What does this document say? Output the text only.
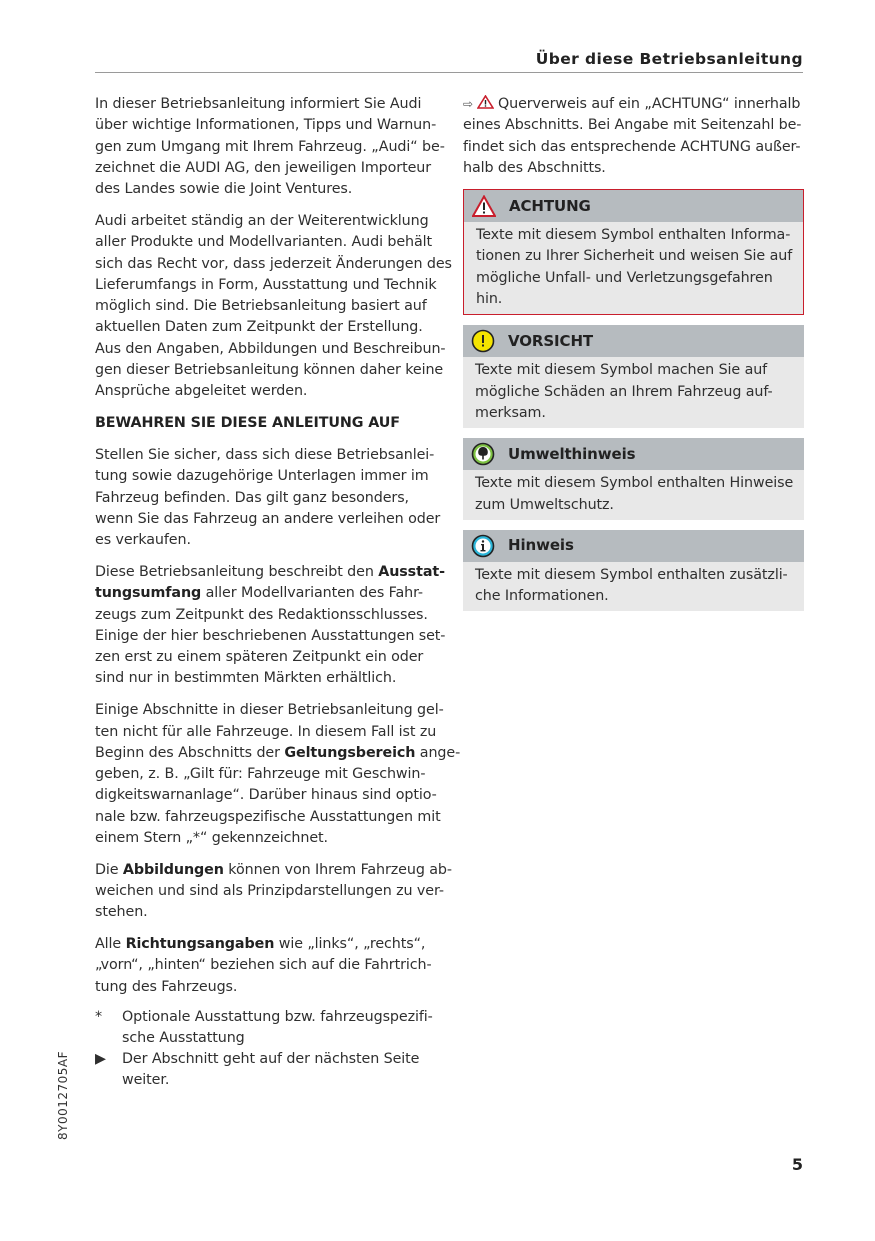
Über diese Betriebsanleitung
In dieser Betriebsanleitung informiert Sie Audi
über wichtige Informationen, Tipps und Warnun-
gen zum Umgang mit Ihrem Fahrzeug. „Audi“ be-
zeichnet die AUDI AG, den jeweiligen Importeur
des Landes sowie die Joint Ventures.
Audi arbeitet ständig an der Weiterentwicklung
aller Produkte und Modellvarianten. Audi behält
sich das Recht vor, dass jederzeit Änderungen des
Lieferumfangs in Form, Ausstattung und Technik
möglich sind. Die Betriebsanleitung basiert auf
aktuellen Daten zum Zeitpunkt der Erstellung.
Aus den Angaben, Abbildungen und Beschreibun-
gen dieser Betriebsanleitung können daher keine
Ansprüche abgeleitet werden.
BEWAHREN SIE DIESE ANLEITUNG AUF
Stellen Sie sicher, dass sich diese Betriebsanlei-
tung sowie dazugehörige Unterlagen immer im
Fahrzeug befinden. Das gilt ganz besonders,
wenn Sie das Fahrzeug an andere verleihen oder
es verkaufen.
Diese Betriebsanleitung beschreibt den Ausstat-
tungsumfang aller Modellvarianten des Fahr-
zeugs zum Zeitpunkt des Redaktionsschlusses.
Einige der hier beschriebenen Ausstattungen set-
zen erst zu einem späteren Zeitpunkt ein oder
sind nur in bestimmten Märkten erhältlich.
Einige Abschnitte in dieser Betriebsanleitung gel-
ten nicht für alle Fahrzeuge. In diesem Fall ist zu
Beginn des Abschnitts der Geltungsbereich ange-
geben, z. B. „Gilt für: Fahrzeuge mit Geschwin-
digkeitswarnanlage“. Darüber hinaus sind optio-
nale bzw. fahrzeugspezifische Ausstattungen mit
einem Stern „*“ gekennzeichnet.
Die Abbildungen können von Ihrem Fahrzeug ab-
weichen und sind als Prinzipdarstellungen zu ver-
stehen.
Alle Richtungsangaben wie „links“, „rechts“,
„vorn“, „hinten“ beziehen sich auf die Fahrtrich-
tung des Fahrzeugs.
* Optionale Ausstattung bzw. fahrzeugspezifi-
sche Ausstattung
▶ Der Abschnitt geht auf der nächsten Seite
weiter.
⇨ Querverweis auf ein „ACHTUNG“ innerhalb
eines Abschnitts. Bei Angabe mit Seitenzahl be-
findet sich das entsprechende ACHTUNG außer-
halb des Abschnitts.
ACHTUNG
Texte mit diesem Symbol enthalten Informa-
tionen zu Ihrer Sicherheit und weisen Sie auf
mögliche Unfall- und Verletzungsgefahren
hin.
VORSICHT
Texte mit diesem Symbol machen Sie auf
mögliche Schäden an Ihrem Fahrzeug auf-
merksam.
Umwelthinweis
Texte mit diesem Symbol enthalten Hinweise
zum Umweltschutz.
Hinweis
Texte mit diesem Symbol enthalten zusätzli-
che Informationen.
8Y0012705AF
5
